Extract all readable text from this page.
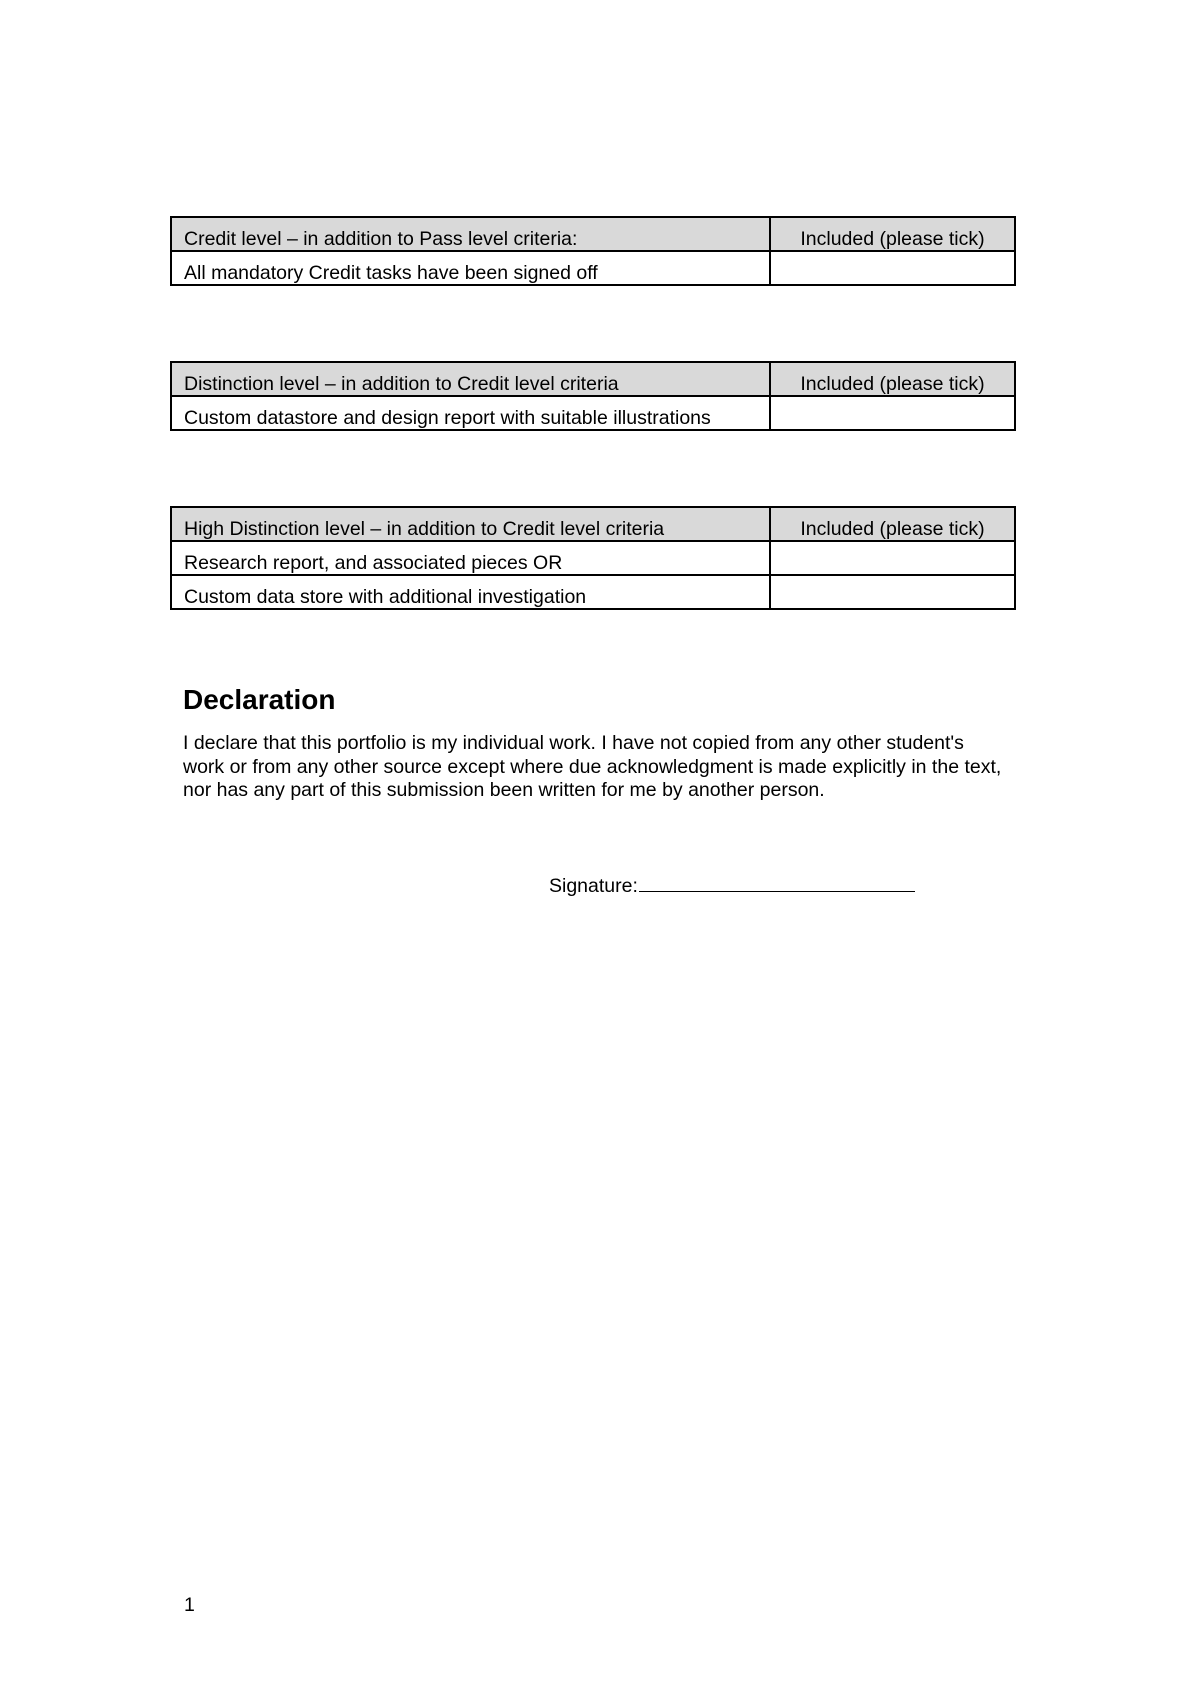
Credit level – in addition to Pass level criteria:	Included (please tick)
All mandatory Credit tasks have been signed off	
Distinction level – in addition to Credit level criteria	Included (please tick)
Custom datastore and design report with suitable illustrations	
High Distinction level – in addition to Credit level criteria	Included (please tick)
Research report, and associated pieces OR	
Custom data store with additional investigation	
Declaration

I declare that this portfolio is my individual work. I have not copied from any other student's work or from any other source except where due acknowledgment is made explicitly in the text, nor has any part of this submission been written for me by another person.

Signature:
1
